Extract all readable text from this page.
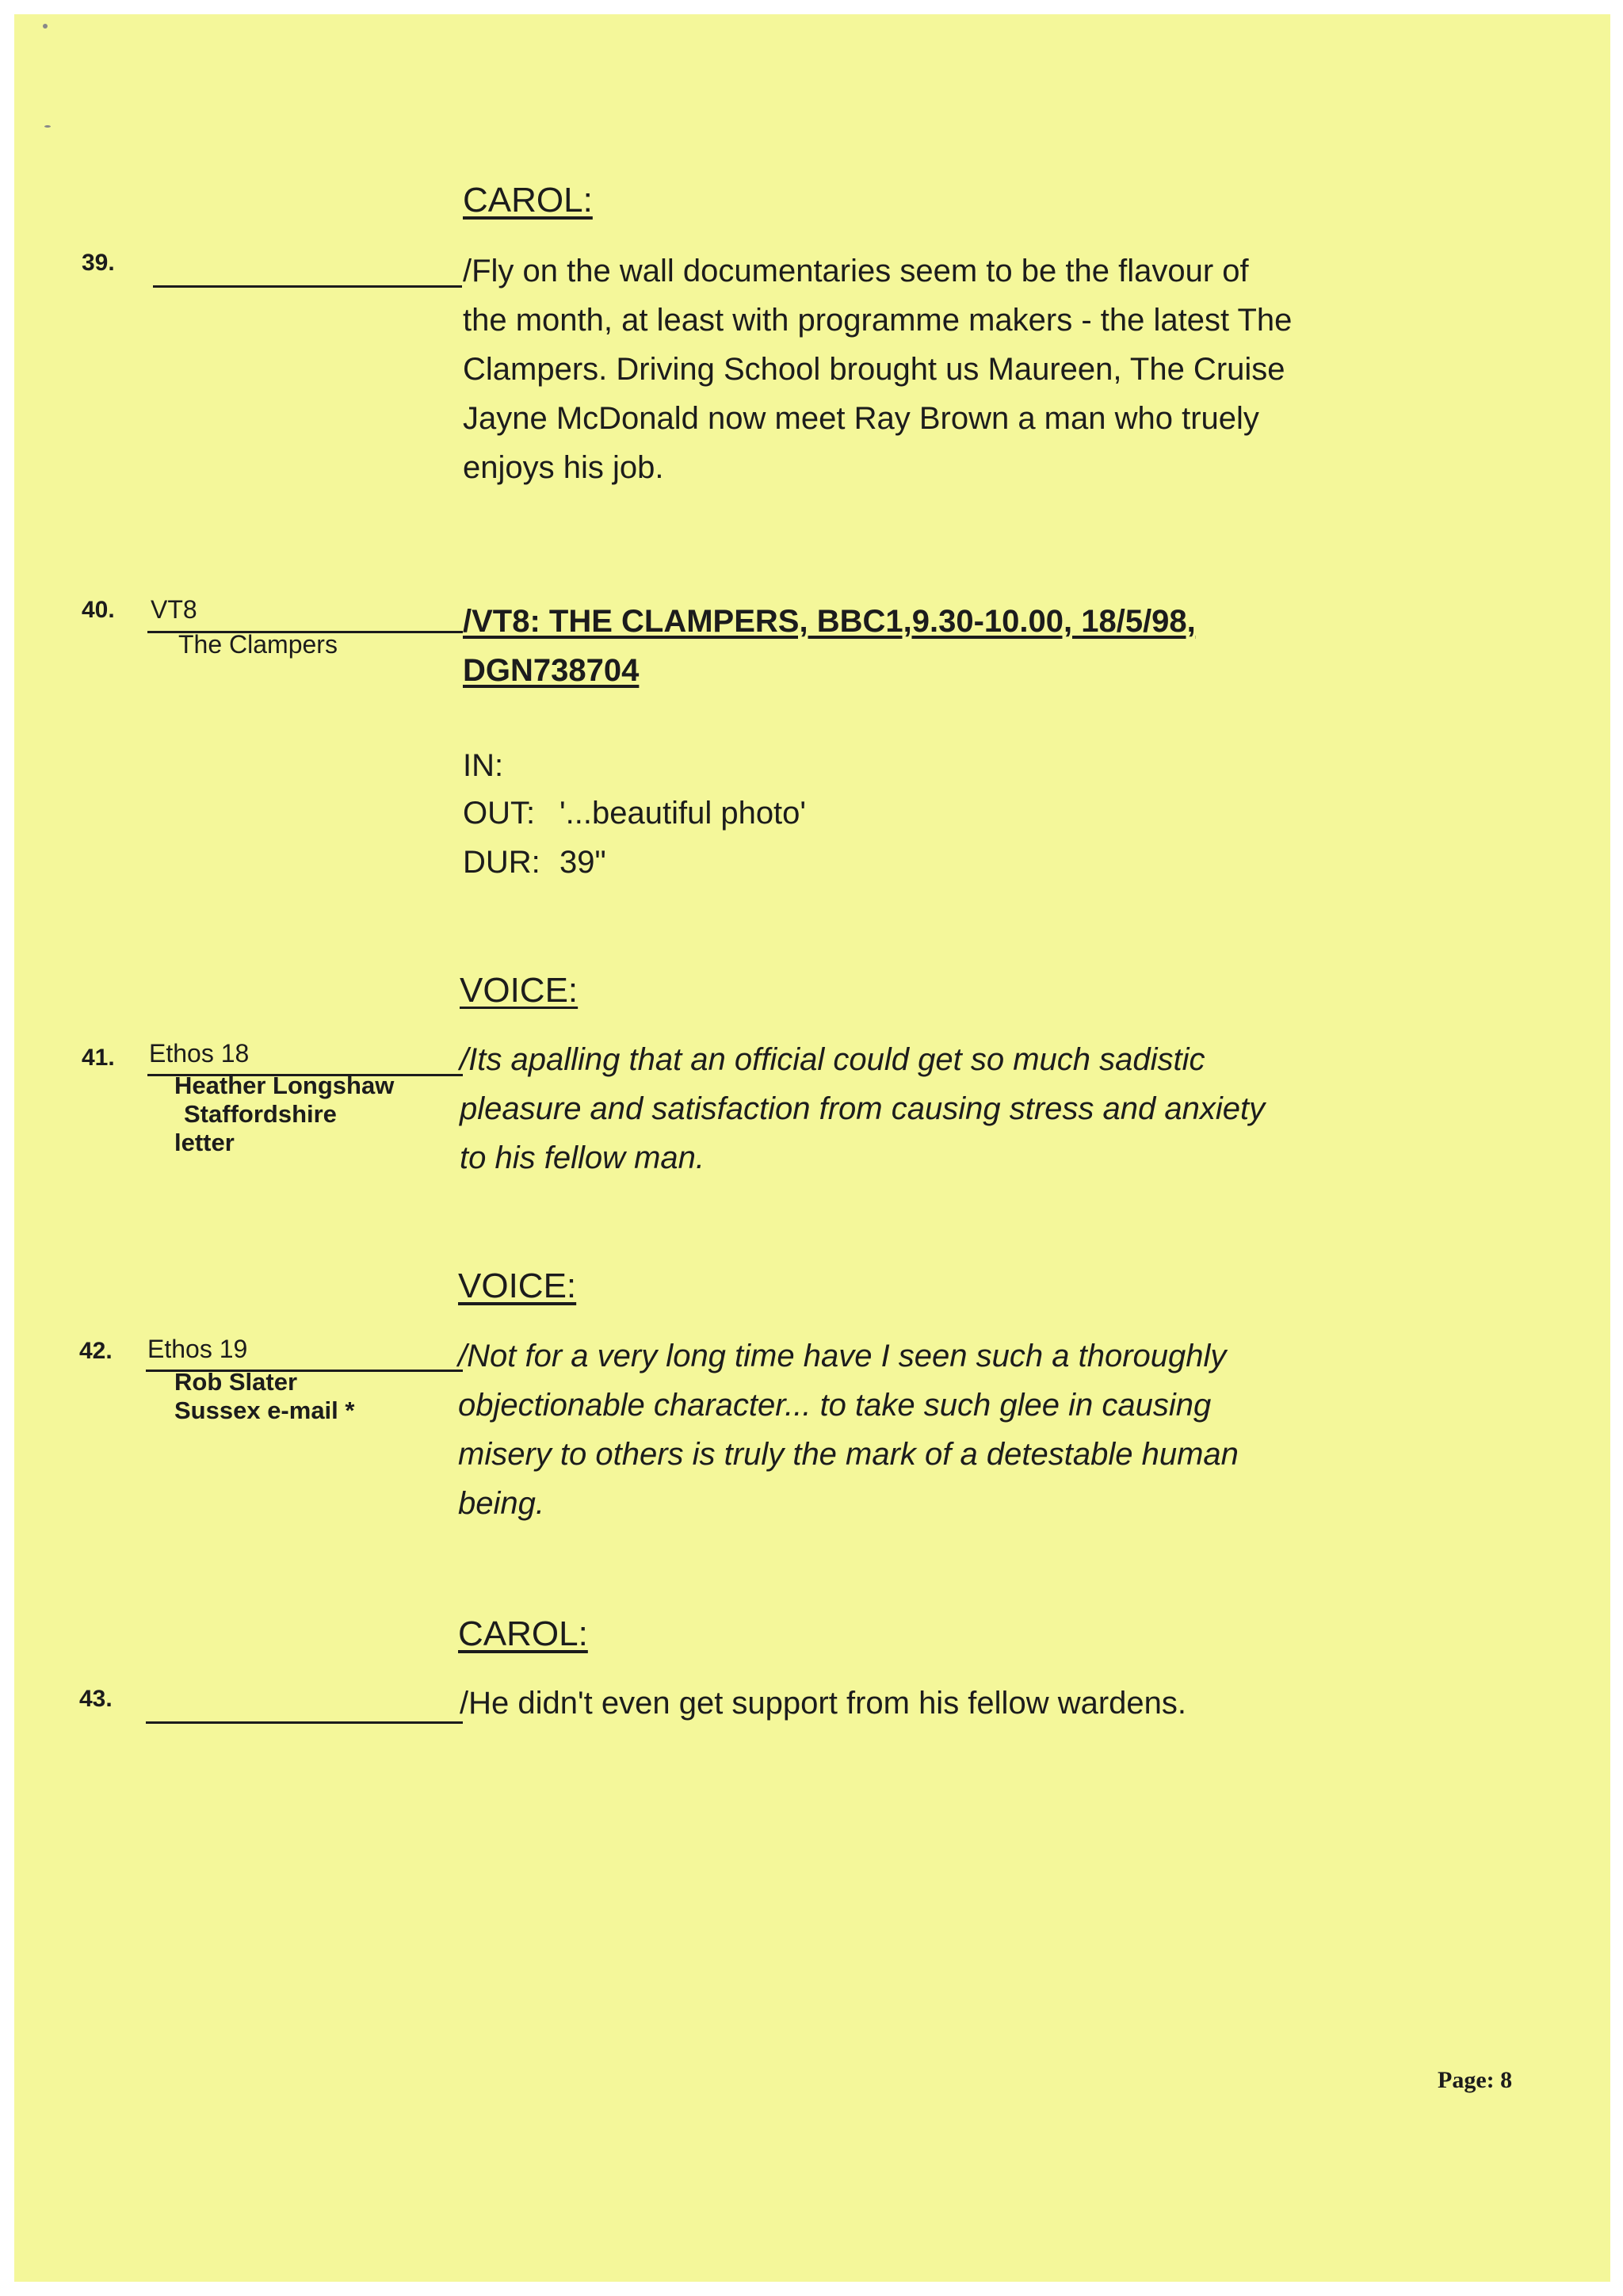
CAROL:
39.	/Fly on the wall documentaries seem to be the flavour of
the month, at least with programme makers - the latest The
Clampers. Driving School brought us Maureen, The Cruise
Jayne McDonald now meet Ray Brown a man who truely
enjoys his job.
40. VT8
The Clampers
/VT8: THE CLAMPERS, BBC1,9.30-10.00, 18/5/98,
DGN738704
IN:
OUT: '...beautiful photo'
DUR: 39"
VOICE:
41. Ethos 18
Heather Longshaw
Staffordshire
letter
/Its apalling that an official could get so much sadistic
pleasure and satisfaction from causing stress and anxiety
to his fellow man.
VOICE:
42. Ethos 19
Rob Slater
Sussex e-mail *
/Not for a very long time have I seen such a thoroughly
objectionable character... to take such glee in causing
misery to others is truly the mark of a detestable human
being.
CAROL:
43.	/He didn't even get support from his fellow wardens.
Page: 8
